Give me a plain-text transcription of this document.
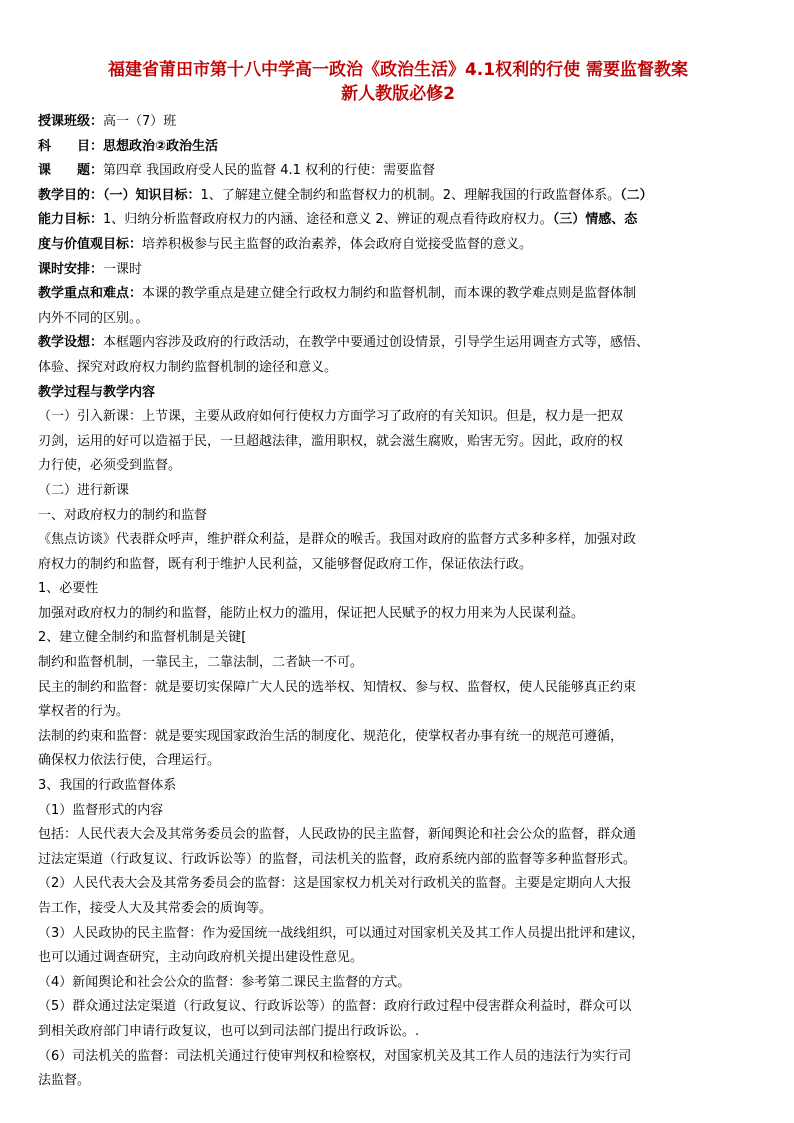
福建省莆田市第十八中学高一政治《政治生活》4.1权利的行使 需要监督教案

新人教版必修2

授课班级：高一（7）班

科　　目：思想政治②政治生活

课　　题：第四章 我国政府受人民的监督 4.1 权利的行使：需要监督

教学目的：（一）知识目标：1、了解建立健全制约和监督权力的机制。2、理解我国的行政监督体系。（二）

能力目标：1、归纳分析监督政府权力的内涵、途径和意义 2、辨证的观点看待政府权力。（三）情感、态

度与价值观目标：培养积极参与民主监督的政治素养，体会政府自觉接受监督的意义。

课时安排：一课时

教学重点和难点：本课的教学重点是建立健全行政权力制约和监督机制，而本课的教学难点则是监督体制

内外不同的区别。。

教学设想：本框题内容涉及政府的行政活动，在教学中要通过创设情景，引导学生运用调查方式等，感悟、

体验、探究对政府权力制约监督机制的途径和意义。

教学过程与教学内容

（一）引入新课：上节课，主要从政府如何行使权力方面学习了政府的有关知识。但是，权力是一把双

刃剑，运用的好可以造福于民，一旦超越法律，滥用职权，就会滋生腐败，贻害无穷。因此，政府的权

力行使，必须受到监督。

（二）进行新课

一、对政府权力的制约和监督

《焦点访谈》代表群众呼声，维护群众利益，是群众的喉舌。我国对政府的监督方式多种多样，加强对政

府权力的制约和监督，既有利于维护人民利益，又能够督促政府工作，保证依法行政。

1、必要性

加强对政府权力的制约和监督，能防止权力的滥用，保证把人民赋予的权力用来为人民谋利益。

2、建立健全制约和监督机制是关键[

制约和监督机制，一靠民主，二靠法制，二者缺一不可。

民主的制约和监督：就是要切实保障广大人民的选举权、知情权、参与权、监督权，使人民能够真正约束

掌权者的行为。

法制的约束和监督：就是要实现国家政治生活的制度化、规范化，使掌权者办事有统一的规范可遵循，

确保权力依法行使，合理运行。

3、我国的行政监督体系

（1）监督形式的内容

包括：人民代表大会及其常务委员会的监督，人民政协的民主监督，新闻舆论和社会公众的监督，群众通

过法定渠道（行政复议、行政诉讼等）的监督，司法机关的监督，政府系统内部的监督等多种监督形式。

（2）人民代表大会及其常务委员会的监督：这是国家权力机关对行政机关的监督。主要是定期向人大报

告工作，接受人大及其常委会的质询等。

（3）人民政协的民主监督：作为爱国统一战线组织，可以通过对国家机关及其工作人员提出批评和建议，

也可以通过调查研究，主动向政府机关提出建设性意见。

（4）新闻舆论和社会公众的监督：参考第二课民主监督的方式。

（5）群众通过法定渠道（行政复议、行政诉讼等）的监督：政府行政过程中侵害群众利益时，群众可以

到相关政府部门申请行政复议，也可以到司法部门提出行政诉讼。.

（6）司法机关的监督：司法机关通过行使审判权和检察权，对国家机关及其工作人员的违法行为实行司

法监督。
